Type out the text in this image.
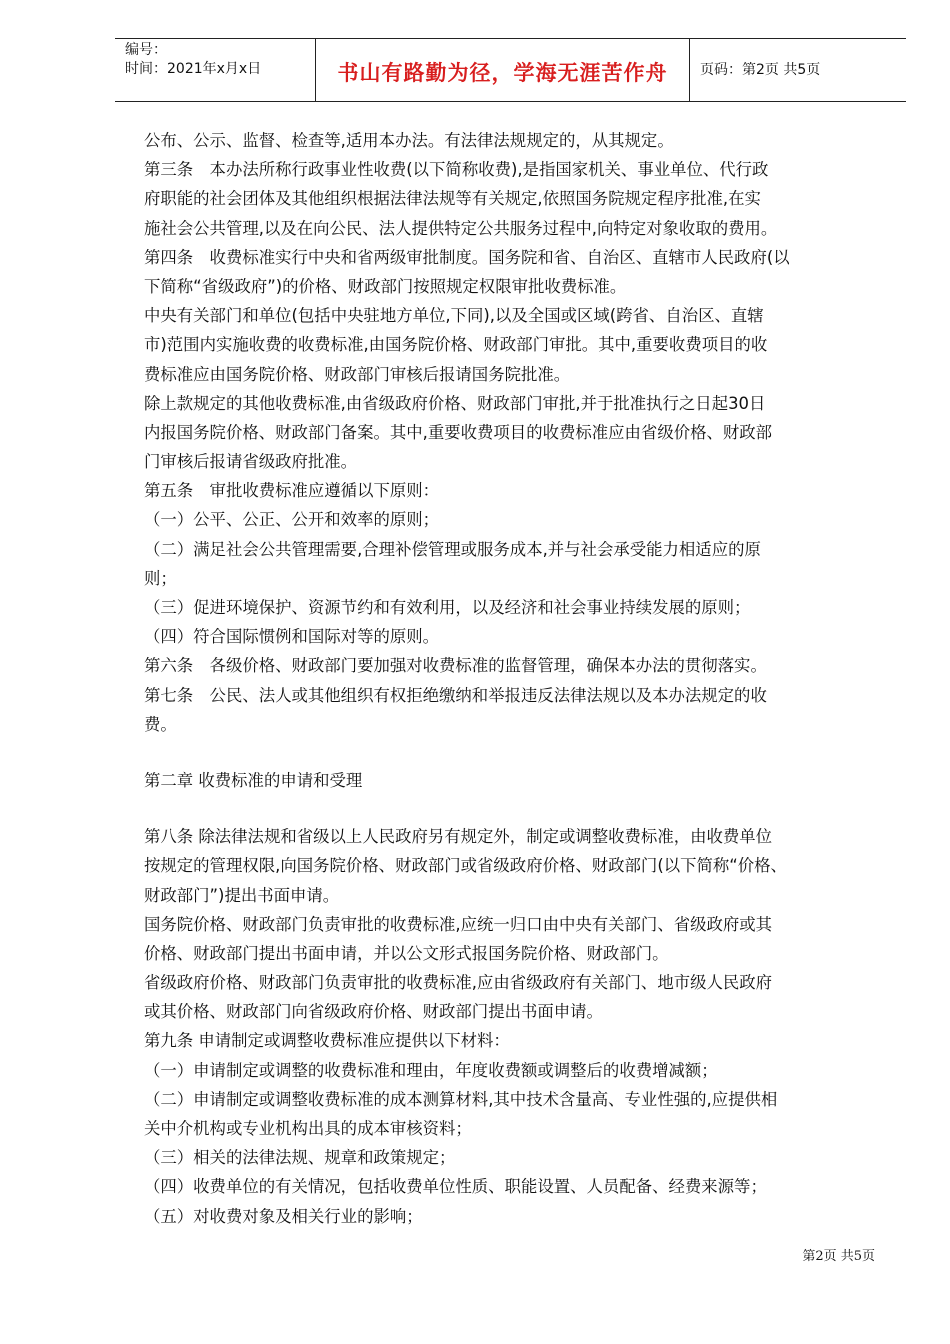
编号：
时间：2021年x月x日	书山有路勤为径，学海无涯苦作舟	页码：第2页 共5页
公布、公示、监督、检查等,适用本办法。有法律法规规定的，从其规定。
第三条　本办法所称行政事业性收费(以下简称收费),是指国家机关、事业单位、代行政
府职能的社会团体及其他组织根据法律法规等有关规定,依照国务院规定程序批准,在实
施社会公共管理,以及在向公民、法人提供特定公共服务过程中,向特定对象收取的费用。
第四条　收费标准实行中央和省两级审批制度。国务院和省、自治区、直辖市人民政府(以
下简称“省级政府”)的价格、财政部门按照规定权限审批收费标准。
中央有关部门和单位(包括中央驻地方单位,下同),以及全国或区域(跨省、自治区、直辖
市)范围内实施收费的收费标准,由国务院价格、财政部门审批。其中,重要收费项目的收
费标准应由国务院价格、财政部门审核后报请国务院批准。
除上款规定的其他收费标准,由省级政府价格、财政部门审批,并于批准执行之日起30日
内报国务院价格、财政部门备案。其中,重要收费项目的收费标准应由省级价格、财政部
门审核后报请省级政府批准。
第五条　审批收费标准应遵循以下原则：
（一）公平、公正、公开和效率的原则；
（二）满足社会公共管理需要,合理补偿管理或服务成本,并与社会承受能力相适应的原
则；
（三）促进环境保护、资源节约和有效利用，以及经济和社会事业持续发展的原则；
（四）符合国际惯例和国际对等的原则。
第六条　各级价格、财政部门要加强对收费标准的监督管理，确保本办法的贯彻落实。
第七条　公民、法人或其他组织有权拒绝缴纳和举报违反法律法规以及本办法规定的收
费。
第二章 收费标准的申请和受理
第八条 除法律法规和省级以上人民政府另有规定外，制定或调整收费标准，由收费单位
按规定的管理权限,向国务院价格、财政部门或省级政府价格、财政部门(以下简称“价格、
财政部门”)提出书面申请。
国务院价格、财政部门负责审批的收费标准,应统一归口由中央有关部门、省级政府或其
价格、财政部门提出书面申请，并以公文形式报国务院价格、财政部门。
省级政府价格、财政部门负责审批的收费标准,应由省级政府有关部门、地市级人民政府
或其价格、财政部门向省级政府价格、财政部门提出书面申请。
第九条 申请制定或调整收费标准应提供以下材料：
（一）申请制定或调整的收费标准和理由，年度收费额或调整后的收费增减额；
（二）申请制定或调整收费标准的成本测算材料,其中技术含量高、专业性强的,应提供相
关中介机构或专业机构出具的成本审核资料；
（三）相关的法律法规、规章和政策规定；
（四）收费单位的有关情况，包括收费单位性质、职能设置、人员配备、经费来源等；
（五）对收费对象及相关行业的影响；
第2页 共5页
